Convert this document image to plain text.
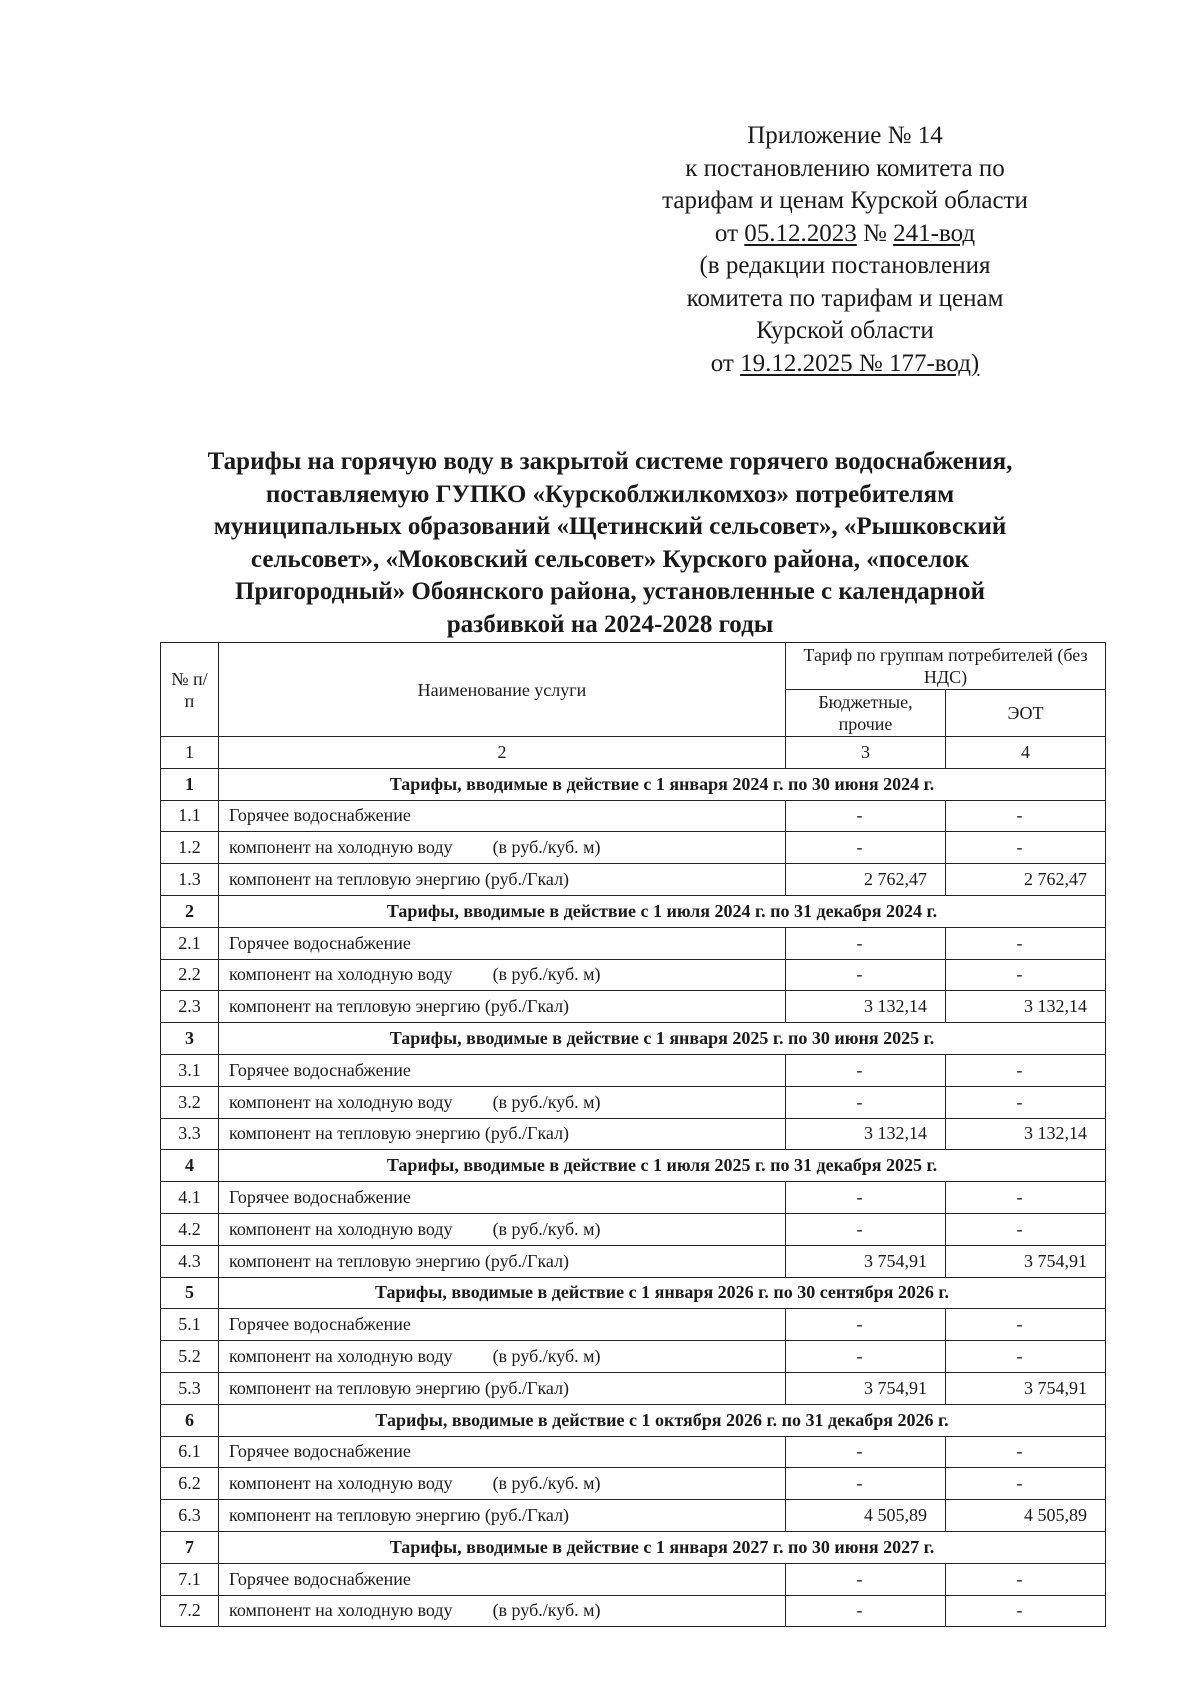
Приложение № 14
к постановлению комитета по
тарифам и ценам Курской области
от 05.12.2023 № 241-вод
(в редакции постановления
комитета по тарифам и ценам
Курской области
от 19.12.2025 № 177-вод)
Тарифы на горячую воду в закрытой системе горячего водоснабжения,
поставляемую ГУПКО «Курскоблжилкомхоз» потребителям
муниципальных образований «Щетинский сельсовет», «Рышковский
сельсовет», «Моковский сельсовет» Курского района, «поселок
Пригородный» Обоянского района, установленные с календарной
разбивкой на 2024-2028 годы
№ п/п	Наименование услуги	Тариф по группам потребителей (без НДС)	
		Бюджетные, прочие	ЭОТ
1	2	3	4
1	Тарифы, вводимые в действие с 1 января 2024 г. по 30 июня 2024 г.		
1.1	Горячее водоснабжение	-	-
1.2	компонент на холодную воду (в руб./куб. м)	-	-
1.3	компонент на тепловую энергию (руб./Гкал)	2 762,47	2 762,47
2	Тарифы, вводимые в действие с 1 июля 2024 г. по 31 декабря 2024 г.		
2.1	Горячее водоснабжение	-	-
2.2	компонент на холодную воду (в руб./куб. м)	-	-
2.3	компонент на тепловую энергию (руб./Гкал)	3 132,14	3 132,14
3	Тарифы, вводимые в действие с 1 января 2025 г. по 30 июня 2025 г.		
3.1	Горячее водоснабжение	-	-
3.2	компонент на холодную воду (в руб./куб. м)	-	-
3.3	компонент на тепловую энергию (руб./Гкал)	3 132,14	3 132,14
4	Тарифы, вводимые в действие с 1 июля 2025 г. по 31 декабря 2025 г.		
4.1	Горячее водоснабжение	-	-
4.2	компонент на холодную воду (в руб./куб. м)	-	-
4.3	компонент на тепловую энергию (руб./Гкал)	3 754,91	3 754,91
5	Тарифы, вводимые в действие с 1 января 2026 г. по 30 сентября 2026 г.		
5.1	Горячее водоснабжение	-	-
5.2	компонент на холодную воду (в руб./куб. м)	-	-
5.3	компонент на тепловую энергию (руб./Гкал)	3 754,91	3 754,91
6	Тарифы, вводимые в действие с 1 октября 2026 г. по 31 декабря 2026 г.		
6.1	Горячее водоснабжение	-	-
6.2	компонент на холодную воду (в руб./куб. м)	-	-
6.3	компонент на тепловую энергию (руб./Гкал)	4 505,89	4 505,89
7	Тарифы, вводимые в действие с 1 января 2027 г. по 30 июня 2027 г.		
7.1	Горячее водоснабжение	-	-
7.2	компонент на холодную воду (в руб./куб. м)	-	-
